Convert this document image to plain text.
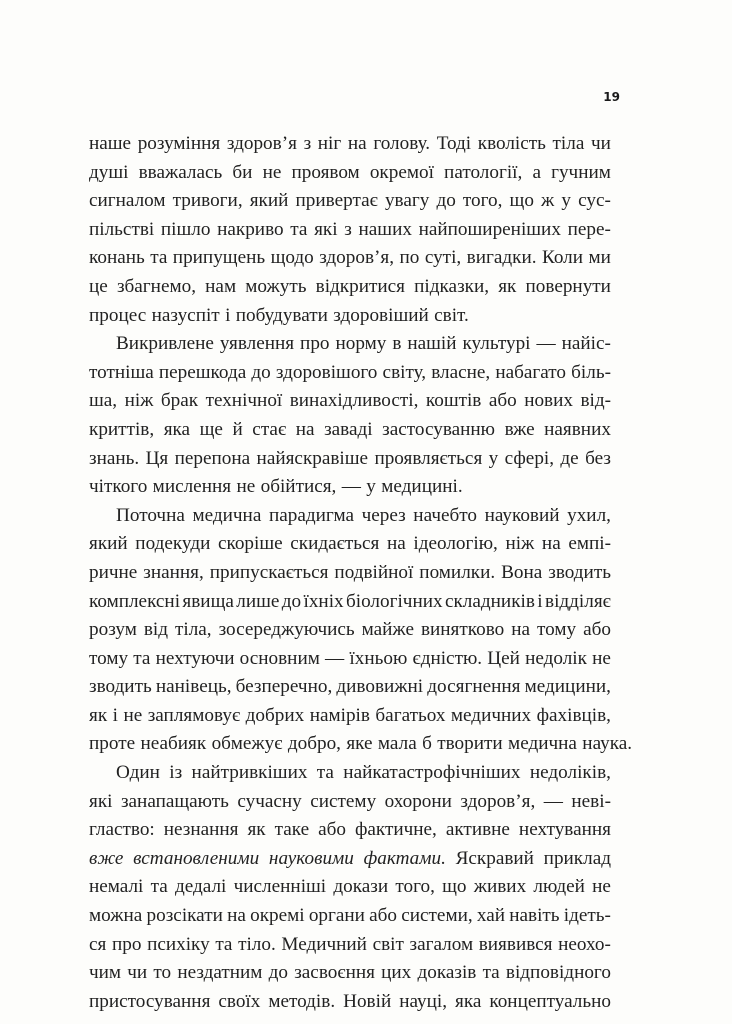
19
наше розуміння здоров’я з ніг на голову. Тоді кволість тіла чи
душі вважалась би не проявом окремої патології, а гучним
сигналом тривоги, який привертає увагу до того, що ж у сус-
пільстві пішло накриво та які з наших найпоширеніших пере-
конань та припущень щодо здоров’я, по суті, вигадки. Коли ми
це збагнемо, нам можуть відкритися підказки, як повернути
процес назуспіт і побудувати здоровіший світ.
Викривлене уявлення про норму в нашій культурі — найіс-
тотніша перешкода до здоровішого світу, власне, набагато біль-
ша, ніж брак технічної винахідливості, коштів або нових від-
криттів, яка ще й стає на заваді застосуванню вже наявних
знань. Ця перепона найяскравіше проявляється у сфері, де без
чіткого мислення не обійтися, — у медицині.
Поточна медична парадигма через начебто науковий ухил,
який подекуди скоріше скидається на ідеологію, ніж на емпі-
ричне знання, припускається подвійної помилки. Вона зводить
комплексні явища лише до їхніх біологічних складників і відділяє
розум від тіла, зосереджуючись майже винятково на тому або
тому та нехтуючи основним — їхньою єдністю. Цей недолік не
зводить нанівець, безперечно, дивовижні досягнення медицини,
як і не заплямовує добрих намірів багатьох медичних фахівців,
проте неабияк обмежує добро, яке мала б творити медична наука.
Один із найтривкіших та найкатастрофічніших недоліків,
які занапащають сучасну систему охорони здоров’я, — неві-
гластво: незнання як таке або фактичне, активне нехтування
вже встановленими науковими фактами. Яскравий приклад
немалі та дедалі численніші докази того, що живих людей не
можна розсікати на окремі органи або системи, хай навіть ідеть-
ся про психіку та тіло. Медичний світ загалом виявився неохо-
чим чи то нездатним до засвоєння цих доказів та відповідного
пристосування своїх методів. Новій науці, яка концептуально
